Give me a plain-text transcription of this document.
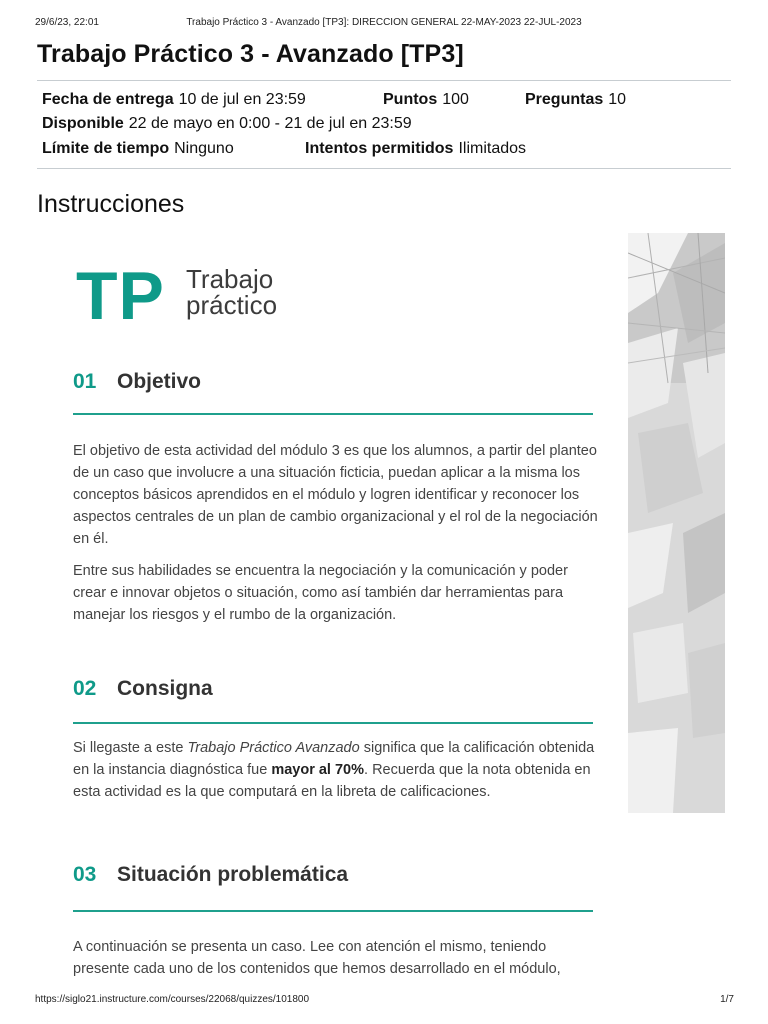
29/6/23, 22:01	Trabajo Práctico 3 - Avanzado [TP3]: DIRECCION GENERAL 22-MAY-2023 22-JUL-2023
Trabajo Práctico 3 - Avanzado [TP3]
Fecha de entrega 10 de jul en 23:59	Puntos 100	Preguntas 10
Disponible 22 de mayo en 0:00 - 21 de jul en 23:59
Límite de tiempo Ninguno	Intentos permitidos Ilimitados
Instrucciones
TP Trabajo
práctico
01 Objetivo

El objetivo de esta actividad del módulo 3 es que los alumnos, a partir del planteo de un caso que involucre a una situación ficticia, puedan aplicar a la misma los conceptos básicos aprendidos en el módulo y logren identificar y reconocer los aspectos centrales de un plan de cambio organizacional y el rol de la negociación en él.

Entre sus habilidades se encuentra la negociación y la comunicación y poder crear e innovar objetos o situación, como así también dar herramientas para manejar los riesgos y el rumbo de la organización.

02 Consigna

Si llegaste a este Trabajo Práctico Avanzado significa que la calificación obtenida en la instancia diagnóstica fue mayor al 70%. Recuerda que la nota obtenida en esta actividad es la que computará en la libreta de calificaciones.

03 Situación problemática

A continuación se presenta un caso. Lee con atención el mismo, teniendo presente cada uno de los contenidos que hemos desarrollado en el módulo,

https://siglo21.instructure.com/courses/22068/quizzes/101800	1/7
